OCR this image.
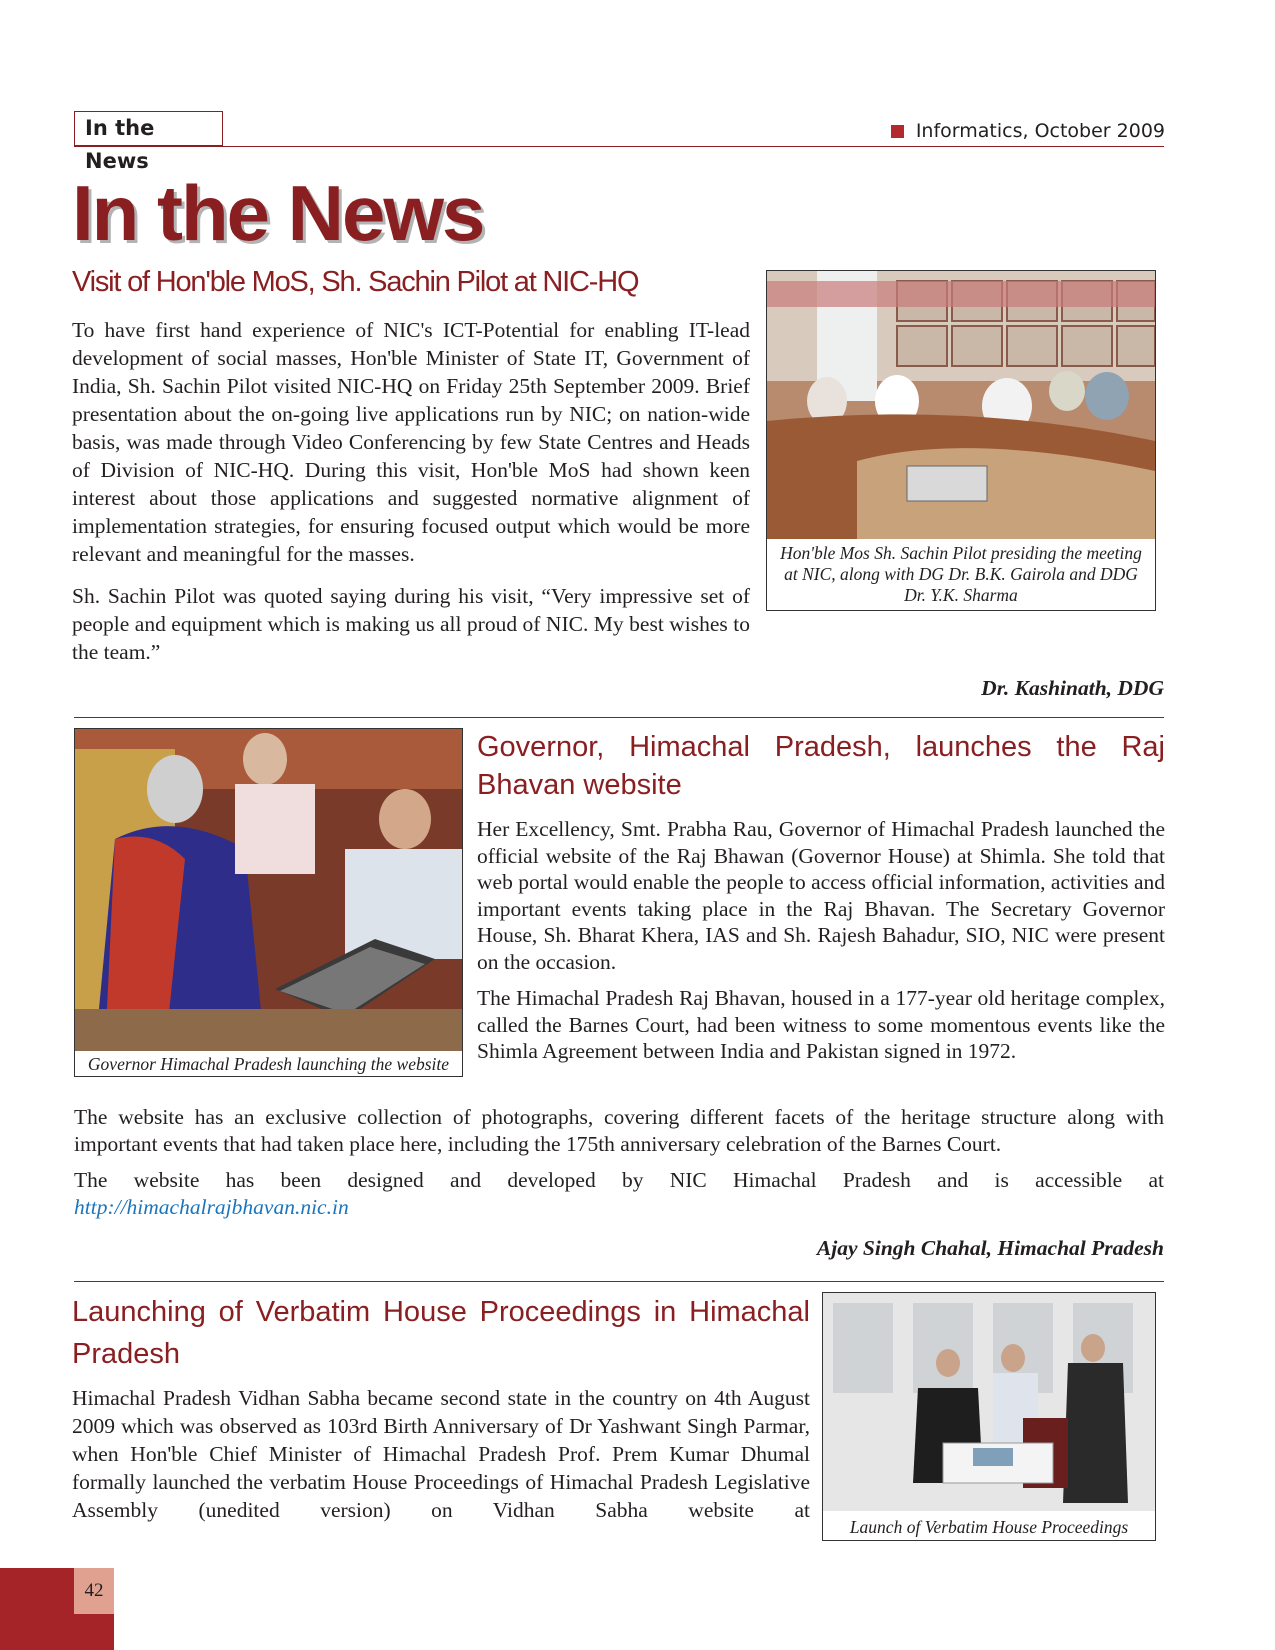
In the News
Informatics, October 2009
In the News
Visit of Hon'ble MoS, Sh. Sachin Pilot at NIC-HQ

To have first hand experience of NIC's ICT-Potential for enabling IT-lead development of social masses, Hon'ble Minister of State IT, Government of India, Sh. Sachin Pilot visited NIC-HQ on Friday 25th September 2009. Brief presentation about the on-going live applications run by NIC; on nation-wide basis, was made through Video Conferencing by few State Centres and Heads of Division of NIC-HQ. During this visit, Hon'ble MoS had shown keen interest about those applications and suggested normative alignment of implementation strategies, for ensuring focused output which would be more relevant and meaningful for the masses.

Sh. Sachin Pilot was quoted saying during his visit, “Very impressive set of people and equipment which is making us all proud of NIC. My best wishes to the team.”

Hon'ble Mos Sh. Sachin Pilot presiding the meeting at NIC, along with DG Dr. B.K. Gairola and DDG Dr. Y.K. Sharma
Dr. Kashinath, DDG
Governor Himachal Pradesh launching the website
Governor, Himachal Pradesh, launches the Raj Bhavan website

Her Excellency, Smt. Prabha Rau, Governor of Himachal Pradesh launched the official website of the Raj Bhawan (Governor House) at Shimla. She told that web portal would enable the people to access official information, activities and important events taking place in the Raj Bhavan. The Secretary Governor House, Sh. Bharat Khera, IAS and Sh. Rajesh Bahadur, SIO, NIC were present on the occasion.

The Himachal Pradesh Raj Bhavan, housed in a 177-year old heritage complex, called the Barnes Court, had been witness to some momentous events like the Shimla Agreement between India and Pakistan signed in 1972.

The website has an exclusive collection of photographs, covering different facets of the heritage structure along with important events that had taken place here, including the 175th anniversary celebration of the Barnes Court.

The website has been designed and developed by NIC Himachal Pradesh and is accessible at

http://himachalrajbhavan.nic.in
Ajay Singh Chahal, Himachal Pradesh
Launching of Verbatim House Proceedings in Himachal Pradesh

Himachal Pradesh Vidhan Sabha became second state in the country on 4th August 2009 which was observed as 103rd Birth Anniversary of Dr Yashwant Singh Parmar, when Hon'ble Chief Minister of Himachal Pradesh Prof. Prem Kumar Dhumal formally launched the verbatim House Proceedings of Himachal Pradesh Legislative Assembly (unedited version) on Vidhan Sabha website at

Launch of Verbatim House Proceedings
42
